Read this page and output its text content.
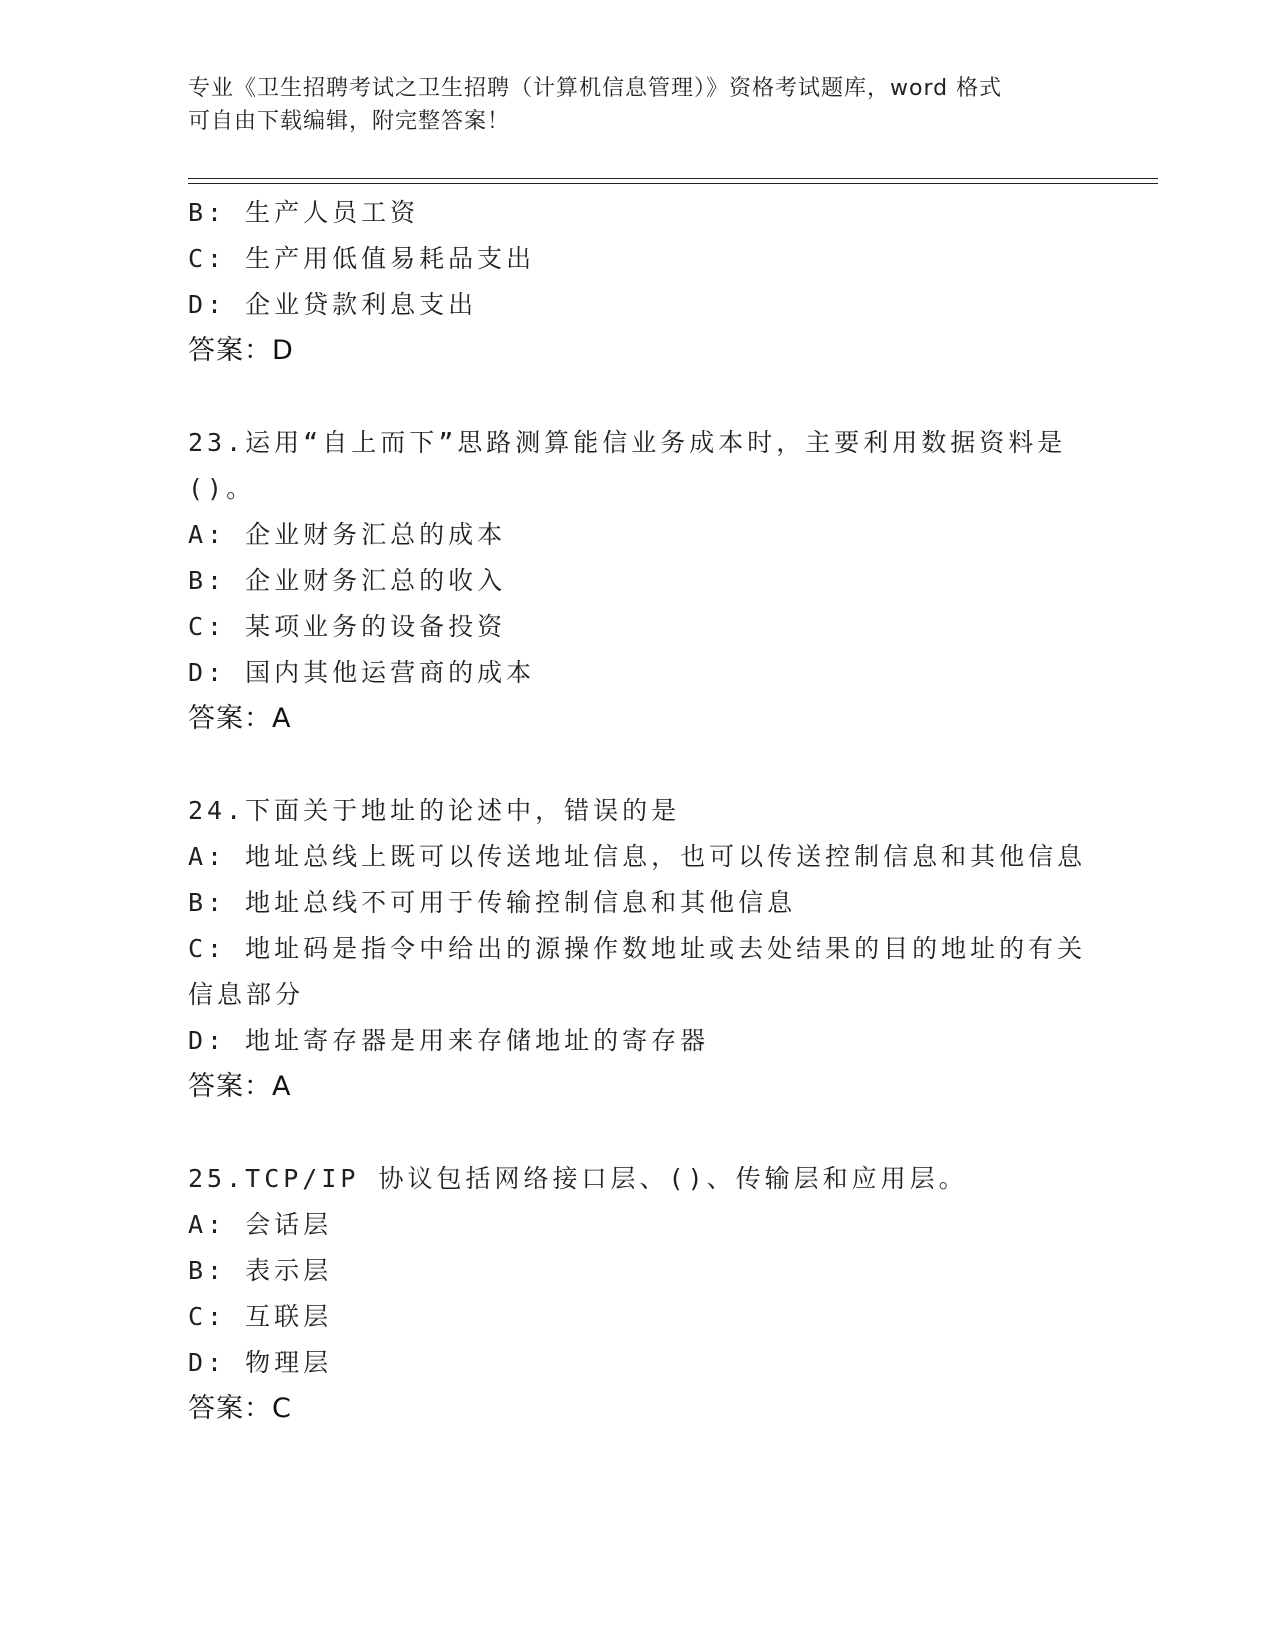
专业《卫生招聘考试之卫生招聘（计算机信息管理）》资格考试题库，word 格式
可自由下载编辑，附完整答案！
B: 生产人员工资
C: 生产用低值易耗品支出
D: 企业贷款利息支出
答案：D
23.运用“自上而下”思路测算能信业务成本时，主要利用数据资料是
()。
A: 企业财务汇总的成本
B: 企业财务汇总的收入
C: 某项业务的设备投资
D: 国内其他运营商的成本
答案：A
24.下面关于地址的论述中，错误的是
A: 地址总线上既可以传送地址信息，也可以传送控制信息和其他信息
B: 地址总线不可用于传输控制信息和其他信息
C: 地址码是指令中给出的源操作数地址或去处结果的目的地址的有关
信息部分
D: 地址寄存器是用来存储地址的寄存器
答案：A
25.TCP/IP 协议包括网络接口层、()、传输层和应用层。
A: 会话层
B: 表示层
C: 互联层
D: 物理层
答案：C
